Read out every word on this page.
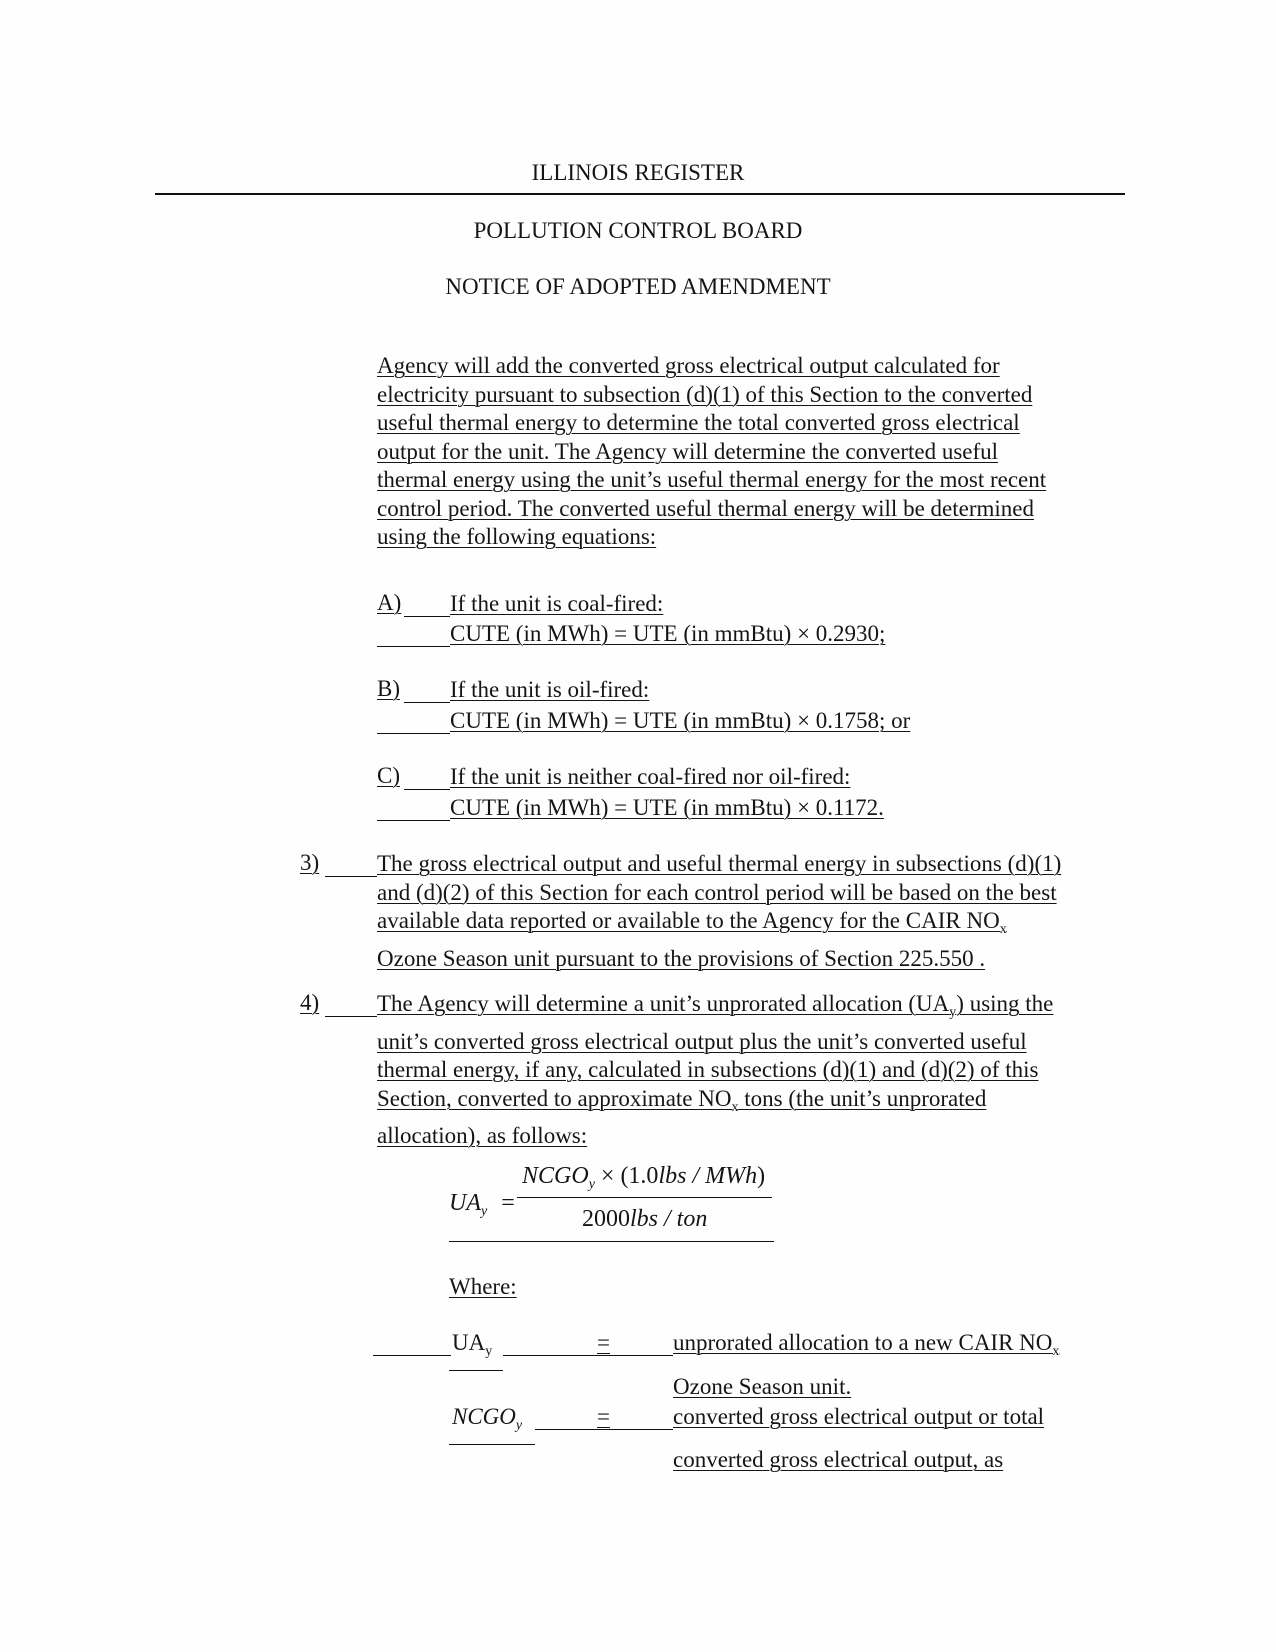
ILLINOIS REGISTER
POLLUTION CONTROL BOARD
NOTICE OF ADOPTED AMENDMENT
Agency will add the converted gross electrical output calculated for
electricity pursuant to subsection (d)(1) of this Section to the converted
useful thermal energy to determine the total converted gross electrical
output for the unit. The Agency will determine the converted useful
thermal energy using the unit’s useful thermal energy for the most recent
control period. The converted useful thermal energy will be determined
using the following equations:
A) If the unit is coal-fired:
CUTE (in MWh) = UTE (in mmBtu) × 0.2930;
B) If the unit is oil-fired:
CUTE (in MWh) = UTE (in mmBtu) × 0.1758; or
C) If the unit is neither coal-fired nor oil-fired:
CUTE (in MWh) = UTE (in mmBtu) × 0.1172.
3)	The gross electrical output and useful thermal energy in subsections (d)(1)
and (d)(2) of this Section for each control period will be based on the best
available data reported or available to the Agency for the CAIR $NO_x$
Ozone Season unit pursuant to the provisions of Section 225.550 .
4)	The Agency will determine a unit’s unprorated allocation $(UA_y)$ using the
unit’s converted gross electrical output plus the unit’s converted useful
thermal energy, if any, calculated in subsections (d)(1) and (d)(2) of this
Section, converted to approximate $NO_x$ tons (the unit’s unprorated
allocation), as follows:
$UA_y$ =
$NCGO_y \times (1.0lbs / MWh)$
2000lbs / ton
Where:
$UA_y$	=	unprorated allocation to a new CAIR $NO_x$
Ozone Season unit.
$NCGO_y$	=	converted gross electrical output or total
converted gross electrical output, as
